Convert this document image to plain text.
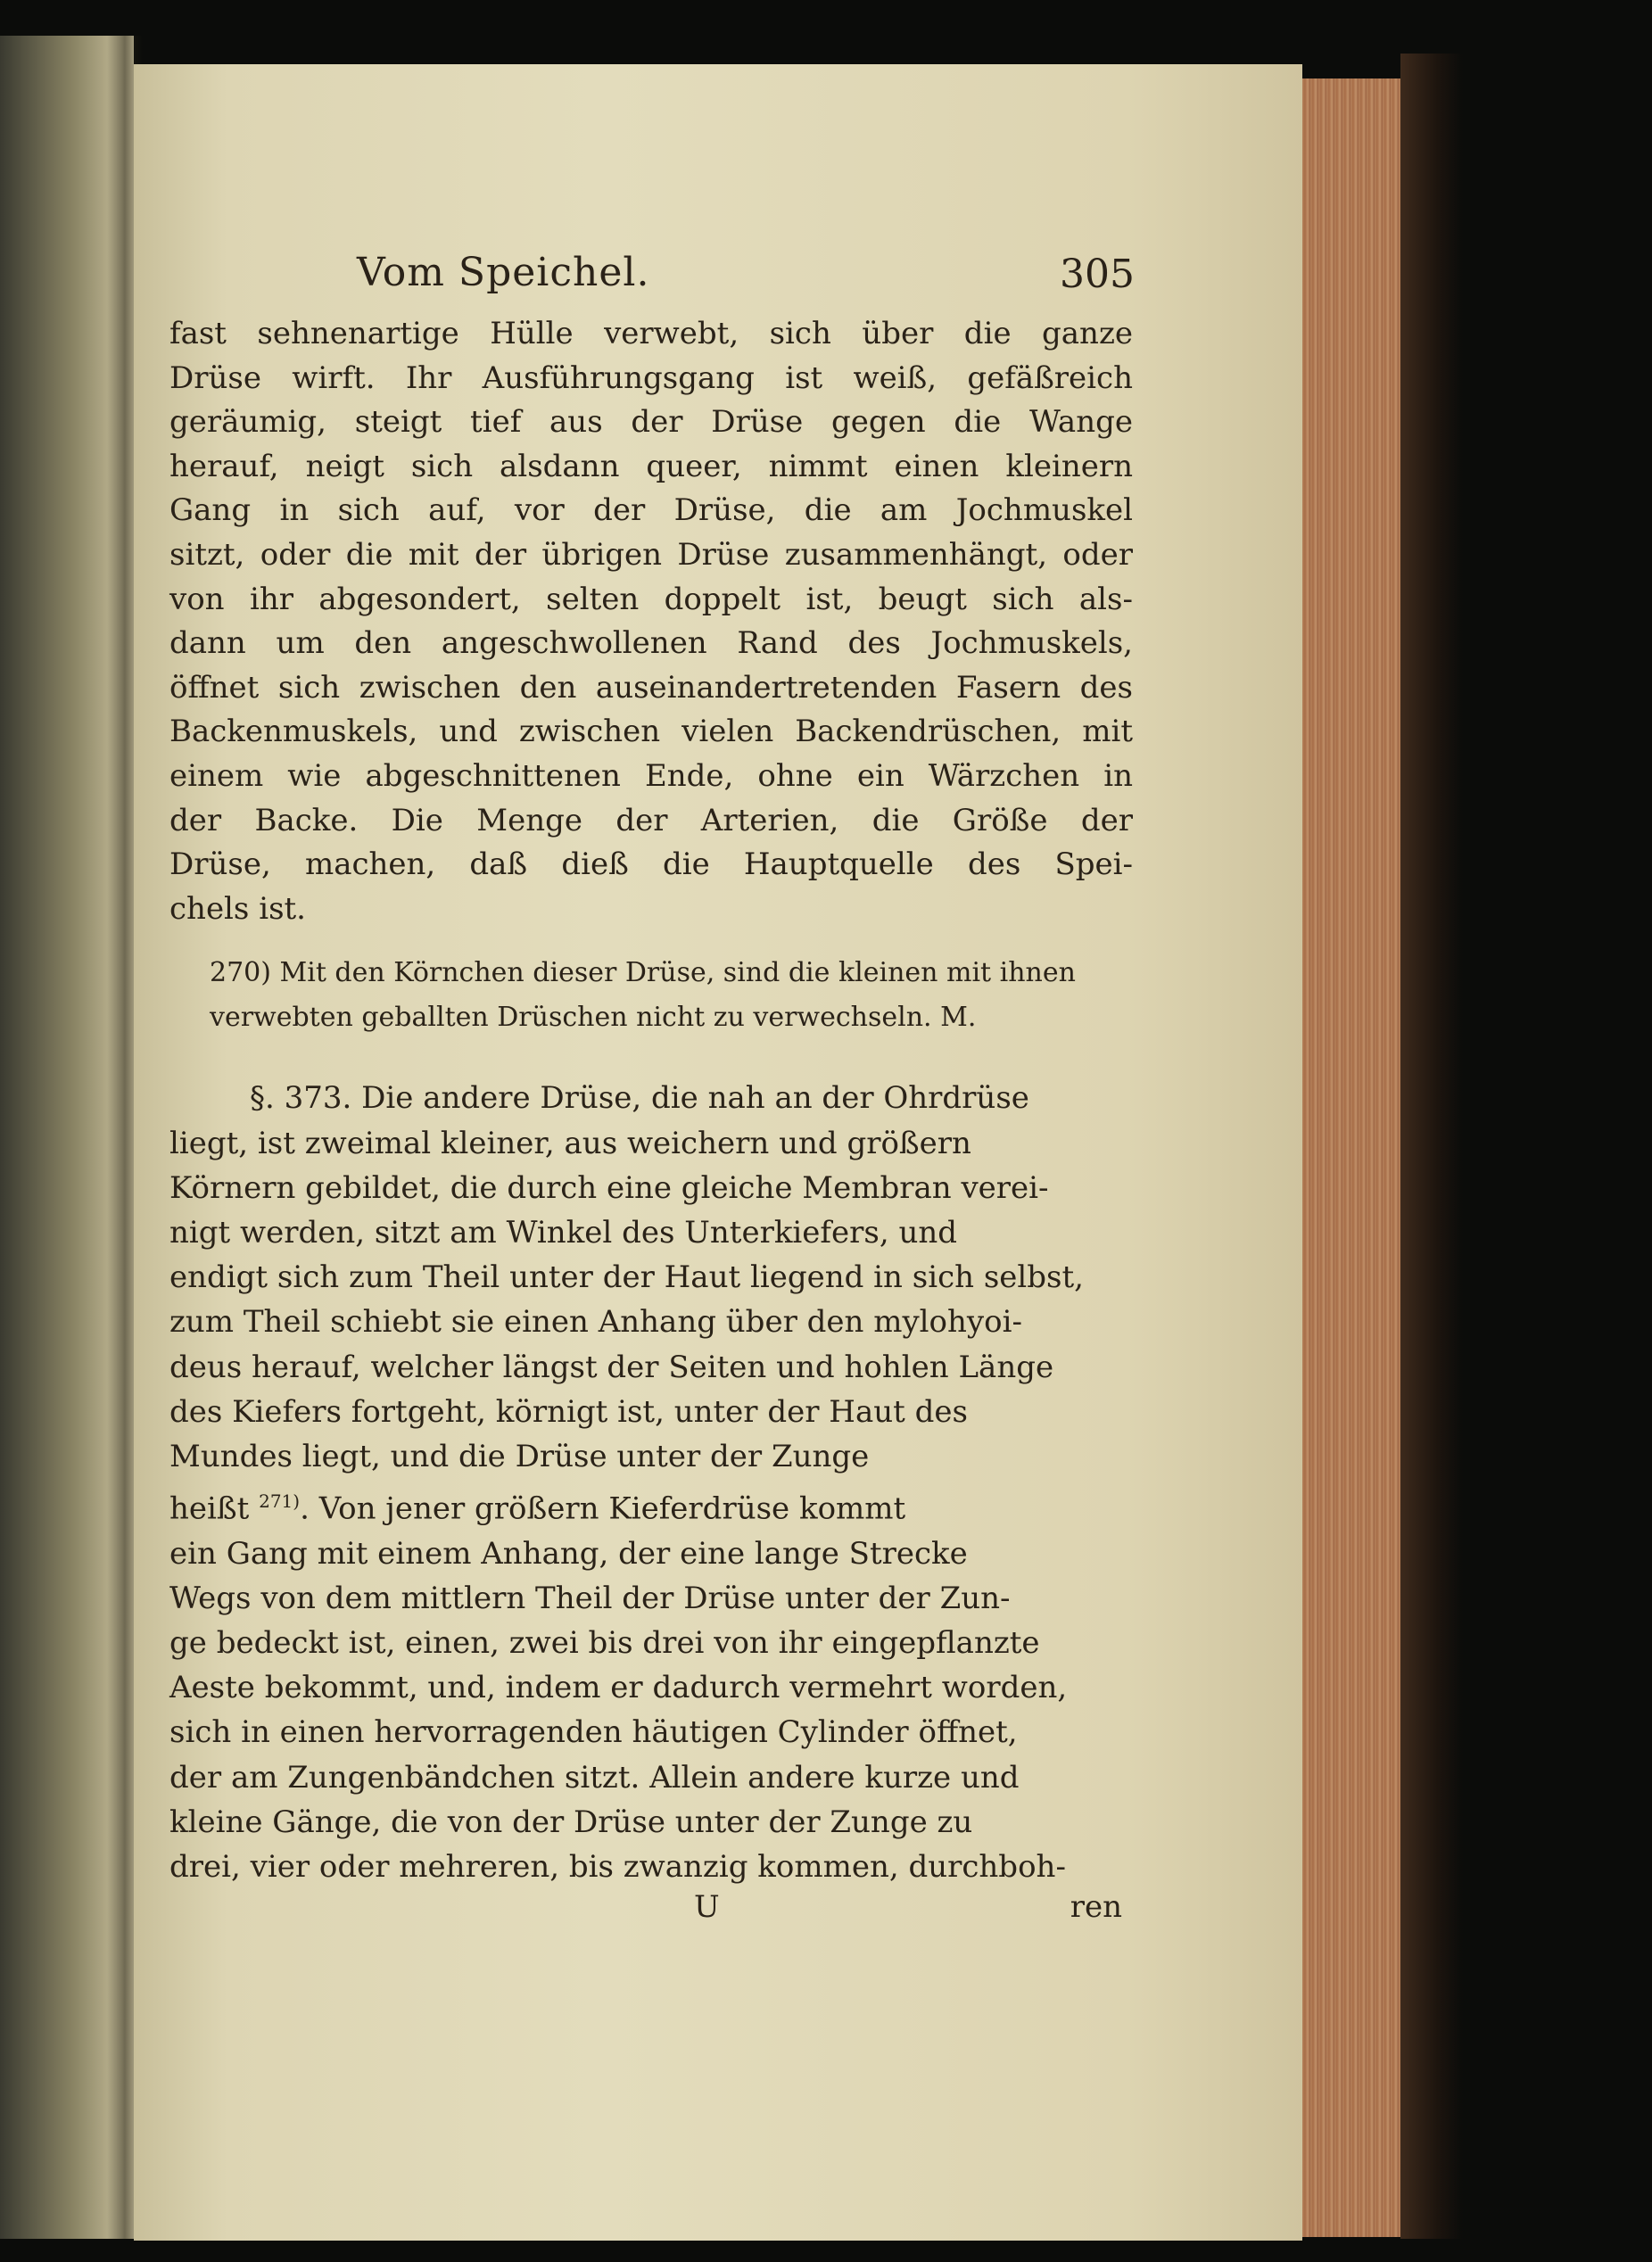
Vom Speichel.	305
fast sehnenartige Hülle verwebt, sich über die ganze
Drüse wirft. Ihr Ausführungsgang ist weiß, gefäßreich
geräumig, steigt tief aus der Drüse gegen die Wange
herauf, neigt sich alsdann queer, nimmt einen kleinern
Gang in sich auf, vor der Drüse, die am Jochmuskel
sitzt, oder die mit der übrigen Drüse zusammenhängt, oder
von ihr abgesondert, selten doppelt ist, beugt sich als-
dann um den angeschwollenen Rand des Jochmuskels,
öffnet sich zwischen den auseinandertretenden Fasern des
Backenmuskels, und zwischen vielen Backendrüschen, mit
einem wie abgeschnittenen Ende, ohne ein Wärzchen in
der Backe. Die Menge der Arterien, die Größe der
Drüse, machen, daß dieß die Hauptquelle des Spei-
chels ist.
270) Mit den Körnchen dieser Drüse, sind die kleinen mit ihnen
verwebten geballten Drüschen nicht zu verwechseln. M.
§. 373. Die andere Drüse, die nah an der Ohrdrüse
liegt, ist zweimal kleiner, aus weichern und größern
Körnern gebildet, die durch eine gleiche Membran verei-
nigt werden, sitzt am Winkel des Unterkiefers, und
endigt sich zum Theil unter der Haut liegend in sich selbst,
zum Theil schiebt sie einen Anhang über den mylohyoi-
deus herauf, welcher längst der Seiten und hohlen Länge
des Kiefers fortgeht, körnigt ist, unter der Haut des
Mundes liegt, und die Drüse unter der Zunge
heißt $^{271)}$. Von jener größern Kieferdrüse kommt
ein Gang mit einem Anhang, der eine lange Strecke
Wegs von dem mittlern Theil der Drüse unter der Zun-
ge bedeckt ist, einen, zwei bis drei von ihr eingepflanzte
Aeste bekommt, und, indem er dadurch vermehrt worden,
sich in einen hervorragenden häutigen Cylinder öffnet,
der am Zungenbändchen sitzt. Allein andere kurze und
kleine Gänge, die von der Drüse unter der Zunge zu
drei, vier oder mehreren, bis zwanzig kommen, durchboh-
U	ren
